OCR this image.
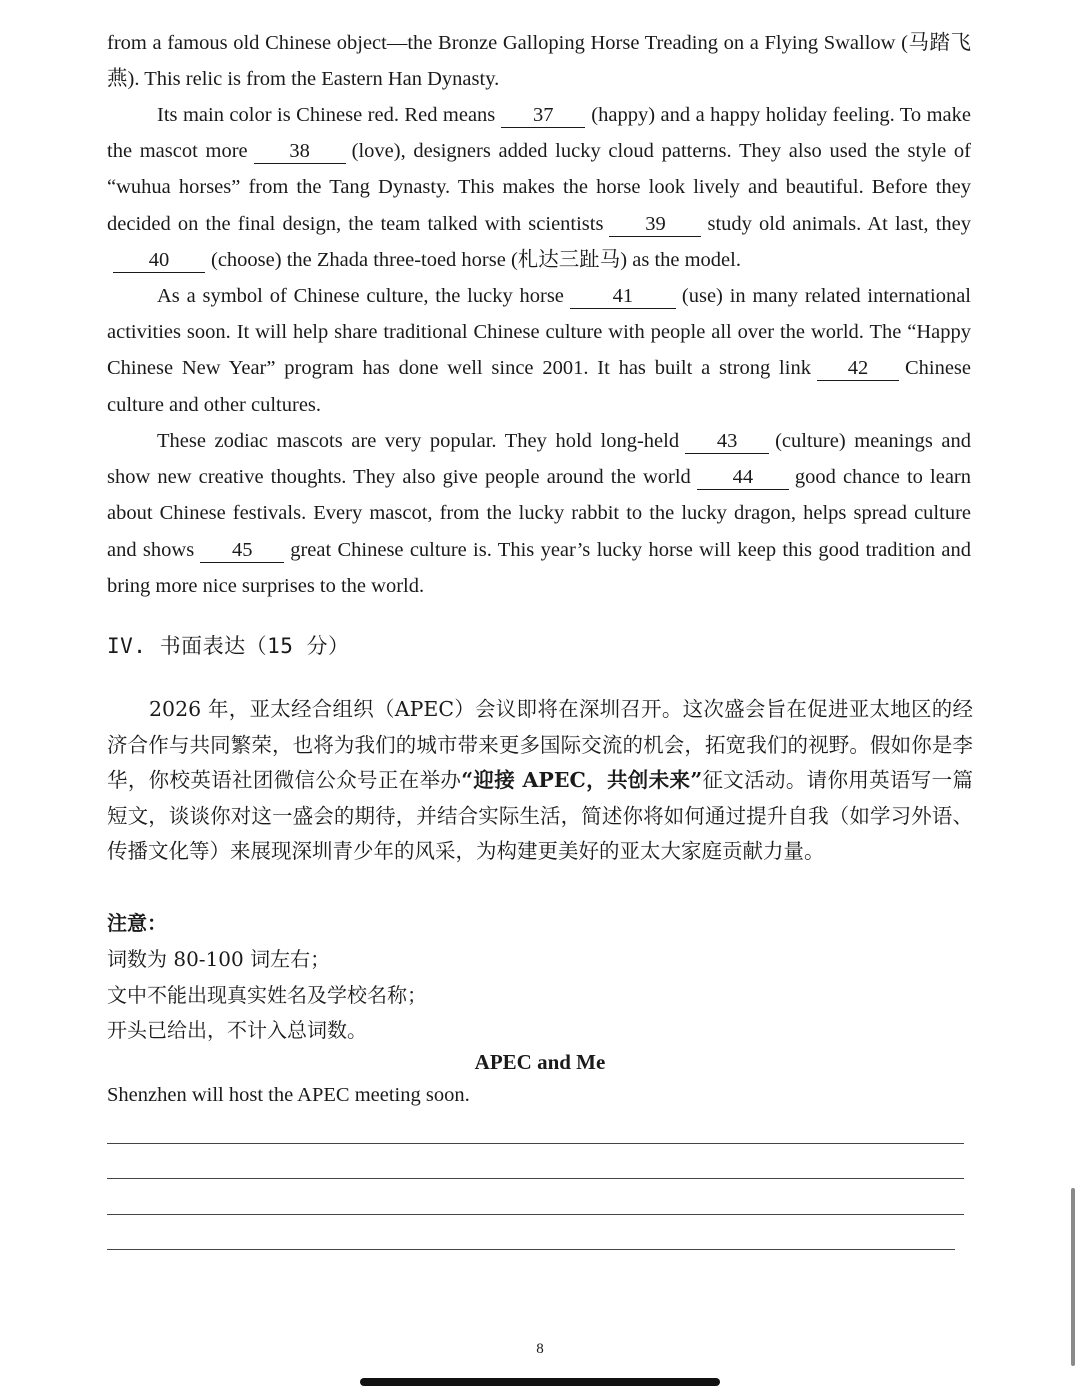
from a famous old Chinese object—the Bronze Galloping Horse Treading on a Flying Swallow (马踏飞燕). This relic is from the Eastern Han Dynasty.

Its main color is Chinese red. Red means 37 (happy) and a happy holiday feeling. To make the mascot more 38 (love), designers added lucky cloud patterns. They also used the style of “wuhua horses” from the Tang Dynasty. This makes the horse look lively and beautiful. Before they decided on the final design, the team talked with scientists 39 study old animals. At last, they40 (choose) the Zhada three-toed horse (札达三趾马) as the model.

As a symbol of Chinese culture, the lucky horse 41 (use) in many related international activities soon. It will help share traditional Chinese culture with people all over the world. The “Happy Chinese New Year” program has done well since 2001. It has built a strong link 42 Chinese culture and other cultures.

These zodiac mascots are very popular. They hold long-held 43 (culture) meanings and show new creative thoughts. They also give people around the world 44 good chance to learn about Chinese festivals. Every mascot, from the lucky rabbit to the lucky dragon, helps spread culture and shows 45 great Chinese culture is. This year’s lucky horse will keep this good tradition and bring more nice surprises to the world.

IV. 书面表达（15 分）

2026 年，亚太经合组织（APEC）会议即将在深圳召开。这次盛会旨在促进亚太地区的经济合作与共同繁荣，也将为我们的城市带来更多国际交流的机会，拓宽我们的视野。假如你是李华，你校英语社团微信公众号正在举办“迎接 APEC，共创未来”征文活动。请你用英语写一篇短文，谈谈你对这一盛会的期待，并结合实际生活，简述你将如何通过提升自我（如学习外语、传播文化等）来展现深圳青少年的风采，为构建更美好的亚太大家庭贡献力量。

注意：
词数为 80-100 词左右；
文中不能出现真实姓名及学校名称；
开头已给出，不计入总词数。
APEC and Me
Shenzhen will host the APEC meeting soon.
8
